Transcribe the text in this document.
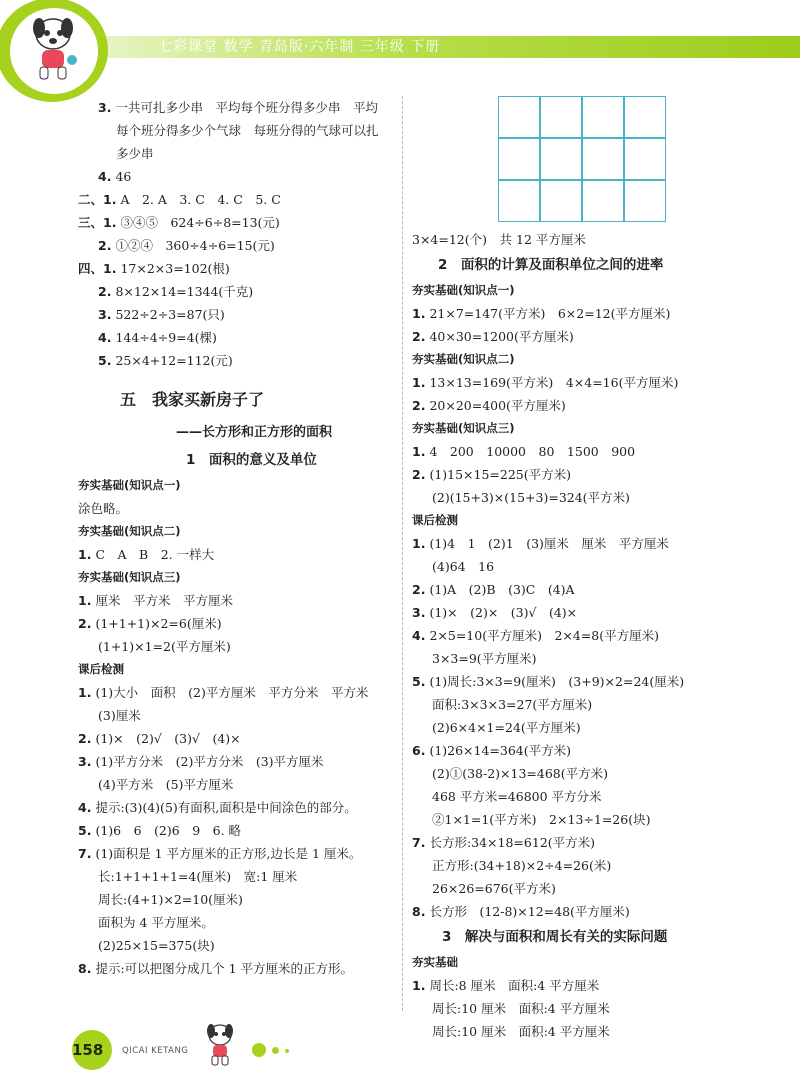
七彩课堂 数学 青岛版·六年制 三年级 下册
3. 一共可扎多少串　平均每个班分得多少串　平均
每个班分得多少个气球　每班分得的气球可以扎
多少串
4. 46
二、1. A　2. A　3. C　4. C　5. C
三、1. ③④⑤　624÷6÷8=13(元)
2. ①②④　360÷4÷6=15(元)
四、1. 17×2×3=102(根)
2. 8×12×14=1344(千克)
3. 522÷2÷3=87(只)
4. 144÷4÷9=4(棵)
5. 25×4+12=112(元)
五　我家买新房子了
——长方形和正方形的面积
1　面积的意义及单位
夯实基础(知识点一)
涂色略。
夯实基础(知识点二)
1. C　A　B　2. 一样大
夯实基础(知识点三)
1. 厘米　平方米　平方厘米
2. (1+1+1)×2=6(厘米)
(1+1)×1=2(平方厘米)
课后检测
1. (1)大小　面积　(2)平方厘米　平方分米　平方米
(3)厘米
2. (1)×　(2)√　(3)√　(4)×
3. (1)平方分米　(2)平方分米　(3)平方厘米
(4)平方米　(5)平方厘米
4. 提示:(3)(4)(5)有面积,面积是中间涂色的部分。
5. (1)6　6　(2)6　9　6. 略
7. (1)面积是 1 平方厘米的正方形,边长是 1 厘米。
长:1+1+1+1=4(厘米)　宽:1 厘米
周长:(4+1)×2=10(厘米)
面积为 4 平方厘米。
(2)25×15=375(块)
8. 提示:可以把图分成几个 1 平方厘米的正方形。
3×4=12(个)　共 12 平方厘米
2　面积的计算及面积单位之间的进率
夯实基础(知识点一)
1. 21×7=147(平方米)　6×2=12(平方厘米)
2. 40×30=1200(平方厘米)
夯实基础(知识点二)
1. 13×13=169(平方米)　4×4=16(平方厘米)
2. 20×20=400(平方厘米)
夯实基础(知识点三)
1. 4　200　10000　80　1500　900
2. (1)15×15=225(平方米)
(2)(15+3)×(15+3)=324(平方米)
课后检测
1. (1)4　1　(2)1　(3)厘米　厘米　平方厘米
(4)64　16
2. (1)A　(2)B　(3)C　(4)A
3. (1)×　(2)×　(3)√　(4)×
4. 2×5=10(平方厘米)　2×4=8(平方厘米)
3×3=9(平方厘米)
5. (1)周长:3×3=9(厘米)　(3+9)×2=24(厘米)
面积:3×3×3=27(平方厘米)
(2)6×4×1=24(平方厘米)
6. (1)26×14=364(平方米)
(2)①(38-2)×13=468(平方米)
468 平方米=46800 平方分米
②1×1=1(平方米)　2×13÷1=26(块)
7. 长方形:34×18=612(平方米)
正方形:(34+18)×2÷4=26(米)
26×26=676(平方米)
8. 长方形　(12-8)×12=48(平方厘米)
3　解决与面积和周长有关的实际问题
夯实基础
1. 周长:8 厘米　面积:4 平方厘米
周长:10 厘米　面积:4 平方厘米
周长:10 厘米　面积:4 平方厘米
158	QICAI KETANG
